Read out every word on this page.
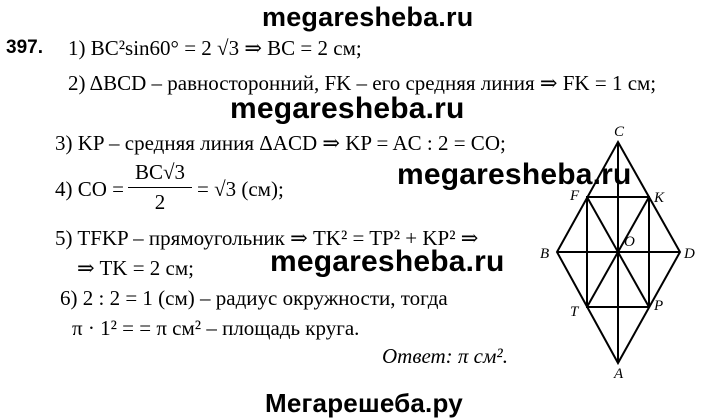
megaresheba.ru
megaresheba.ru
megaresheba.ru
megaresheba.ru
Мегарешеба.ру
397. 1) BC²sin60° = 2 √3 ⇒ BC = 2 см;
2) ΔBCD – равносторонний, FK – его средняя линия ⇒ FK = 1 см;
3) KP – средняя линия ΔACD ⇒ KP = AC : 2 = CO;
4) CO = $\frac{BC√3}{2} = √3$ (см);
5) TFKP – прямоугольник ⇒ TK² = TP² + KP² ⇒
⇒ TK = 2 см;
6) 2 : 2 = 1 (см) – радиус окружности, тогда
π · 1² = = π см² – площадь круга.
Ответ: π см².
C
F	K
B
O
D
T	P
A
